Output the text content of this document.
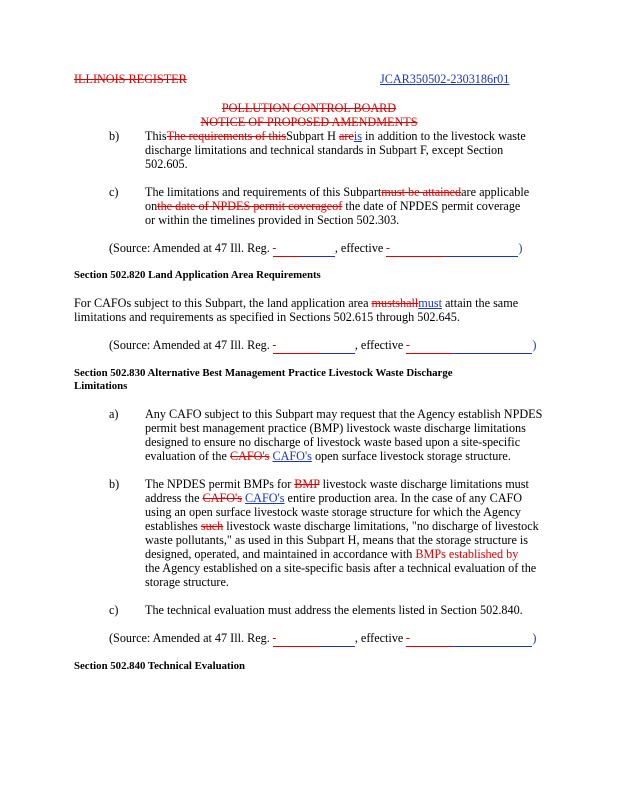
ILLINOIS REGISTER	JCAR350502-2303186r01
POLLUTION CONTROL BOARD
NOTICE OF PROPOSED AMENDMENTS
b) ThisThe requirements of thisSubpart H areis in addition to the livestock waste
discharge limitations and technical standards in Subpart F, except Section
502.605.
c) The limitations and requirements of this Subpartmust be attainedare applicable
onthe date of NPDES permit coverageof the date of NPDES permit coverage
or within the timelines provided in Section 502.303.
(Source: Amended at 47 Ill. Reg.	, effective	)
Section 502.820 Land Application Area Requirements
For CAFOs subject to this Subpart, the land application area mustshallmust attain the same
limitations and requirements as specified in Sections 502.615 through 502.645.
(Source: Amended at 47 Ill. Reg.	, effective	)
Section 502.830 Alternative Best Management Practice Livestock Waste Discharge
Limitations
a) Any CAFO subject to this Subpart may request that the Agency establish NPDES
permit best management practice (BMP) livestock waste discharge limitations
designed to ensure no discharge of livestock waste based upon a site-specific
evaluation of the CAFO's CAFO's open surface livestock storage structure.
b) The NPDES permit BMPs for BMP livestock waste discharge limitations must
address the CAFO's CAFO's entire production area. In the case of any CAFO
using an open surface livestock waste storage structure for which the Agency
establishes such livestock waste discharge limitations, "no discharge of livestock
waste pollutants," as used in this Subpart H, means that the storage structure is
designed, operated, and maintained in accordance with BMPs established by
the Agency established on a site-specific basis after a technical evaluation of the
storage structure.
c) The technical evaluation must address the elements listed in Section 502.840.
(Source: Amended at 47 Ill. Reg.	, effective	)
Section 502.840 Technical Evaluation
